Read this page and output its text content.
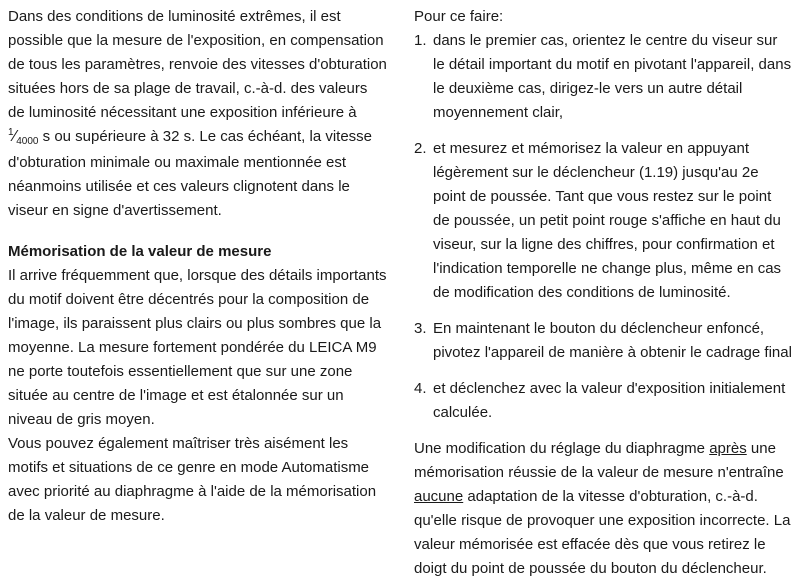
Dans des conditions de luminosité extrêmes, il est possible que la mesure de l'exposition, en compensation de tous les paramètres, renvoie des vitesses d'obturation situées hors de sa plage de travail, c.-à-d. des valeurs de luminosité nécessitant une exposition inférieure à $^1⁄_{4000}$ s ou supérieure à 32 s. Le cas échéant, la vitesse d'obturation minimale ou maximale mentionnée est néanmoins utilisée et ces valeurs clignotent dans le viseur en signe d'avertissement.

Mémorisation de la valeur de mesure

Il arrive fréquemment que, lorsque des détails importants du motif doivent être décentrés pour la composition de l'image, ils paraissent plus clairs ou plus sombres que la moyenne. La mesure fortement pondérée du LEICA M9 ne porte toutefois essentiellement que sur une zone située au centre de l'image et est étalonnée sur un niveau de gris moyen.

Vous pouvez également maîtriser très aisément les motifs et situations de ce genre en mode Automatisme avec priorité au diaphragme à l'aide de la mémorisation de la valeur de mesure.

Pour ce faire:

1. dans le premier cas, orientez le centre du viseur sur le détail important du motif en pivotant l'appareil, dans le deuxième cas, dirigez-le vers un autre détail moyennement clair,
2. et mesurez et mémorisez la valeur en appuyant légèrement sur le déclencheur (1.19) jusqu'au 2e point de poussée. Tant que vous restez sur le point de poussée, un petit point rouge s'affiche en haut du viseur, sur la ligne des chiffres, pour confirmation et l'indication temporelle ne change plus, même en cas de modification des conditions de luminosité.
3. En maintenant le bouton du déclencheur enfoncé, pivotez l'appareil de manière à obtenir le cadrage final
4. et déclenchez avec la valeur d'exposition initialement calculée.

Une modification du réglage du diaphragme après une mémorisation réussie de la valeur de mesure n'entraîne aucune adaptation de la vitesse d'obturation, c.-à-d. qu'elle risque de provoquer une exposition incorrecte. La valeur mémorisée est effacée dès que vous retirez le doigt du point de poussée du bouton du déclencheur.
